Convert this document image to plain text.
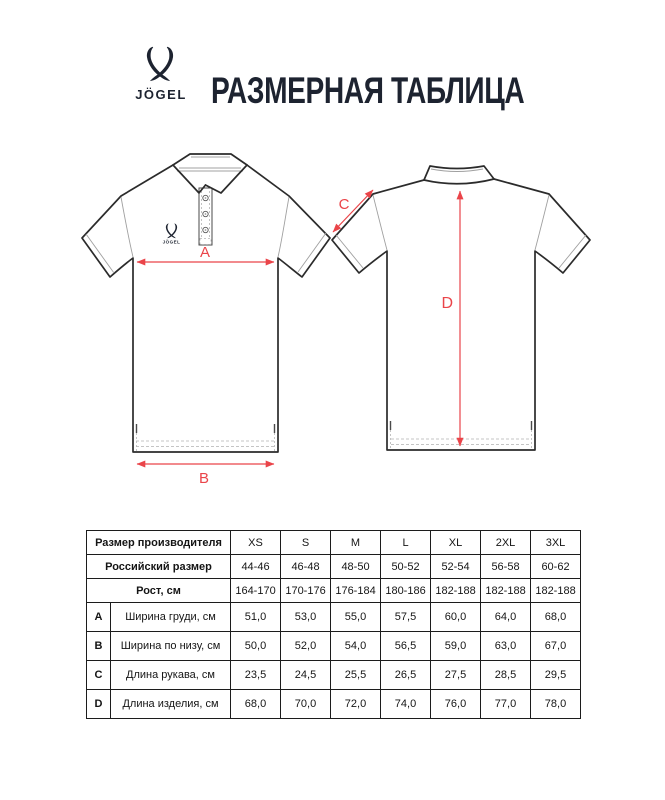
JÖGEL
A
B
C
D
JÖGEL РАЗМЕРНАЯ ТАБЛИЦА
Размер производителя		XS	S	M	L	XL	2XL	3XL
Российский размер		44-46	46-48	48-50	50-52	52-54	56-58	60-62
Рост, см		164-170	170-176	176-184	180-186	182-188	182-188	182-188
A	Ширина груди, см	51,0	53,0	55,0	57,5	60,0	64,0	68,0
B	Ширина по низу, см	50,0	52,0	54,0	56,5	59,0	63,0	67,0
C	Длина рукава, см	23,5	24,5	25,5	26,5	27,5	28,5	29,5
D	Длина изделия, см	68,0	70,0	72,0	74,0	76,0	77,0	78,0
